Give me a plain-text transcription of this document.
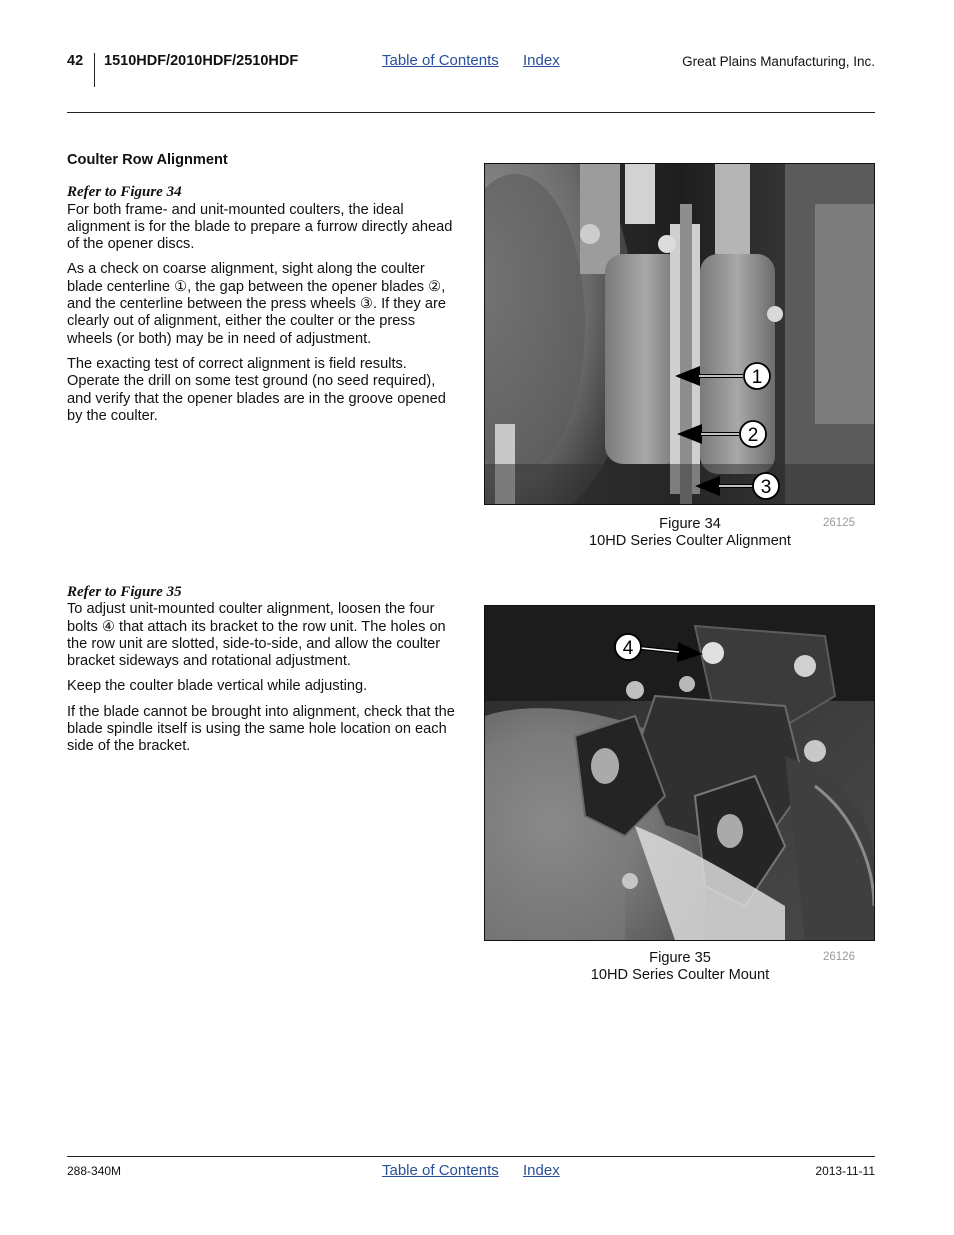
42 1510HDF/2010HDF/2510HDF	Table of Contents Index	Great Plains Manufacturing, Inc.
Coulter Row Alignment
Refer to Figure 34

For both frame- and unit-mounted coulters, the ideal alignment is for the blade to prepare a furrow directly ahead of the opener discs.

As a check on coarse alignment, sight along the coulter blade centerline ①, the gap between the opener blades ②, and the centerline between the press wheels ③. If they are clearly out of alignment, either the coulter or the press wheels (or both) may be in need of adjustment.

The exacting test of correct alignment is field results. Operate the drill on some test ground (no seed required), and verify that the opener blades are in the groove opened by the coulter.

1
2
3
Figure 34
10HD Series Coulter Alignment
26125
Refer to Figure 35

To adjust unit-mounted coulter alignment, loosen the four bolts ④ that attach its bracket to the row unit. The holes on the row unit are slotted, side-to-side, and allow the coulter bracket sideways and rotational adjustment.

Keep the coulter blade vertical while adjusting.

If the blade cannot be brought into alignment, check that the blade spindle itself is using the same hole location on each side of the bracket.

4
Figure 35
10HD Series Coulter Mount
26126
288-340M	Table of Contents Index	2013-11-11
